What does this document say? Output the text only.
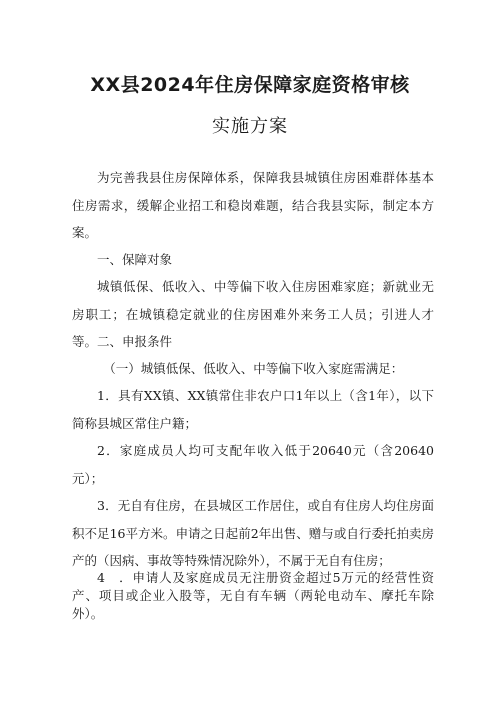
XX县2024年住房保障家庭资格审核
实施方案

为完善我县住房保障体系，保障我县城镇住房困难群体基本住房需求，缓解企业招工和稳岗难题，结合我县实际，制定本方案。

一、保障对象

城镇低保、低收入、中等偏下收入住房困难家庭；新就业无房职工；在城镇稳定就业的住房困难外来务工人员；引进人才等。 二、申报条件

（一）城镇低保、低收入、中等偏下收入家庭需满足：

1．具有XX镇、XX镇常住非农户口1年以上（含1年），以下简称县城区常住户籍；

2．家庭成员人均可支配年收入低于20640元（含20640元）；

3．无自有住房，在县城区工作居住，或自有住房人均住房面积不足16平方米。申请之日起前2年出售、赠与或自行委托拍卖房产的（因病、事故等特殊情况除外），不属于无自有住房；

4　．申请人及家庭成员无注册资金超过5万元的经营性资产、项目或企业入股等，无自有车辆（两轮电动车、摩托车除外）。
